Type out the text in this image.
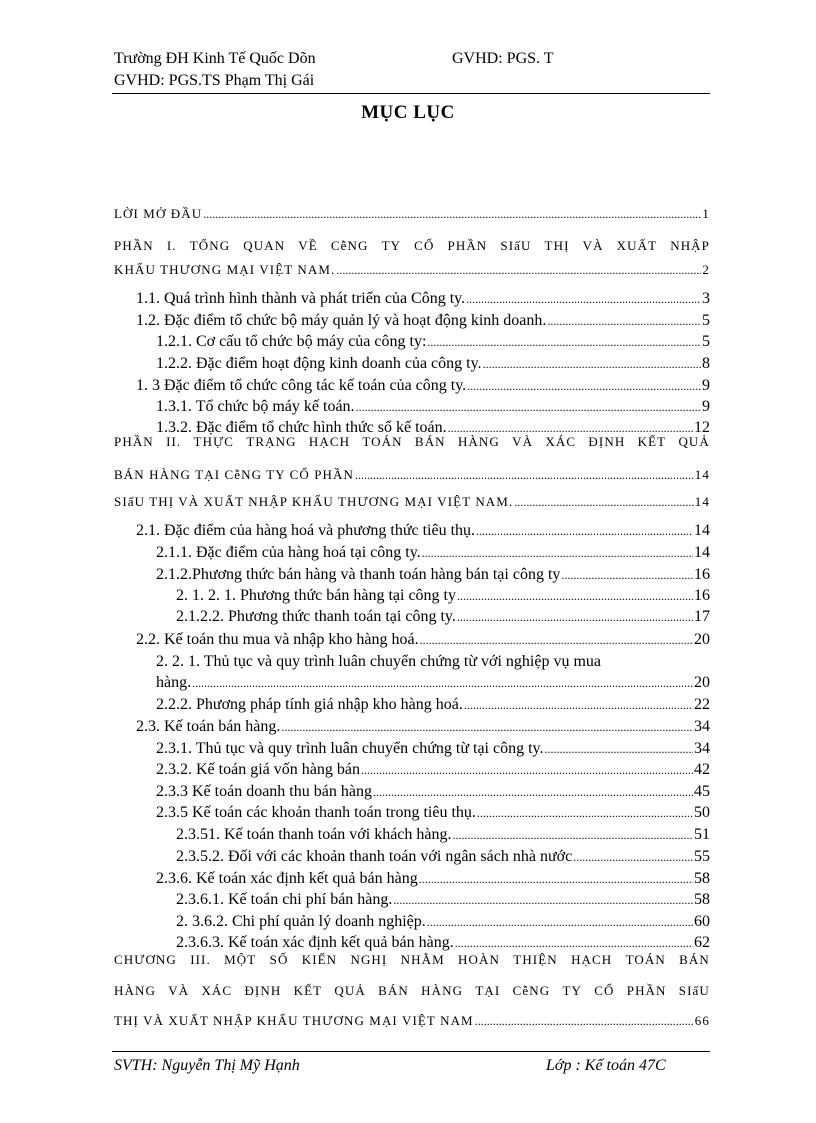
Trường ĐH Kinh Tế Quốc Dõn	GVHD: PGS. T
GVHD: PGS.TS Phạm Thị Gái
MỤC LỤC
LỜI MỞ ĐẦU .....	1
PHẦN I. TỔNG QUAN VỀ CễNG TY CỔ PHẦN SIấU THỊ VÀ XUẤT NHẬP
KHẨU THƯƠNG MẠI VIỆT NAM. .....	2
1.1. Quá trình hình thành và phát triển của Công ty. .....	3
1.2. Đặc điểm tổ chức bộ máy quản lý và hoạt động kinh doanh. .....	5
1.2.1. Cơ cấu tổ chức bộ máy của công ty: .....	5
1.2.2. Đặc điểm hoạt động kinh doanh của công ty. .....	8
1. 3 Đặc điểm tổ chức công tác kế toán của công ty. .....	9
1.3.1. Tổ chức bộ máy kế toán. .....	9
1.3.2. Đặc điểm tổ chức hình thức sổ kế toán. .....	12
PHẦN II. THỰC TRẠNG HẠCH TOÁN BÁN HÀNG VÀ XÁC ĐỊNH KẾT QUẢ
BÁN HÀNG TẠI CễNG TY CỔ PHẦN .....	14
SIấU THỊ VÀ XUẤT NHẬP KHẨU THƯƠNG MẠI VIỆT NAM. .....	14
2.1. Đặc điểm của hàng hoá và phương thức tiêu thụ. .....	14
2.1.1. Đặc điểm của hàng hoá tại công ty. .....	14
2.1.2.Phương thức bán hàng và thanh toán hàng bán tại công ty .....	16
2. 1. 2. 1. Phương thức bán hàng tại công ty .....	16
2.1.2.2. Phương thức thanh toán tại công ty. .....	17
2.2. Kế toán thu mua và nhập kho hàng hoá. .....	20
2. 2. 1. Thủ tục và quy trình luân chuyển chứng từ với nghiệp vụ mua
hàng. .....	20
2.2.2. Phương pháp tính giá nhập kho hàng hoá. .....	22
2.3. Kế toán bán hàng. .....	34
2.3.1. Thủ tục và quy trình luân chuyển chứng từ tại công ty. .....	34
2.3.2. Kế toán giá vốn hàng bán .....	42
2.3.3 Kế toán doanh thu bán hàng .....	45
2.3.5 Kế toán các khoản thanh toán trong tiêu thụ. .....	50
2.3.51. Kế toán thanh toán với khách hàng. .....	51
2.3.5.2. Đối với các khoản thanh toán với ngân sách nhà nước .....	55
2.3.6. Kế toán xác định kết quả bán hàng .....	58
2.3.6.1. Kế toán chi phí bán hàng. .....	58
2. 3.6.2. Chi phí quản lý doanh nghiệp. .....	60
2.3.6.3. Kế toán xác định kết quả bán hàng. .....	62
CHƯƠNG III. MỘT SỐ KIẾN NGHỊ NHẰM HOÀN THIỆN HẠCH TOÁN BÁN
HÀNG VÀ XÁC ĐỊNH KẾT QUẢ BÁN HÀNG TẠI CễNG TY CỔ PHẦN SIấU
THỊ VÀ XUẤT NHẬP KHẨU THƯƠNG MẠI VIỆT NAM .....	66
SVTH: Nguyễn Thị Mỹ Hạnh	Lớp : Kế toán 47C
